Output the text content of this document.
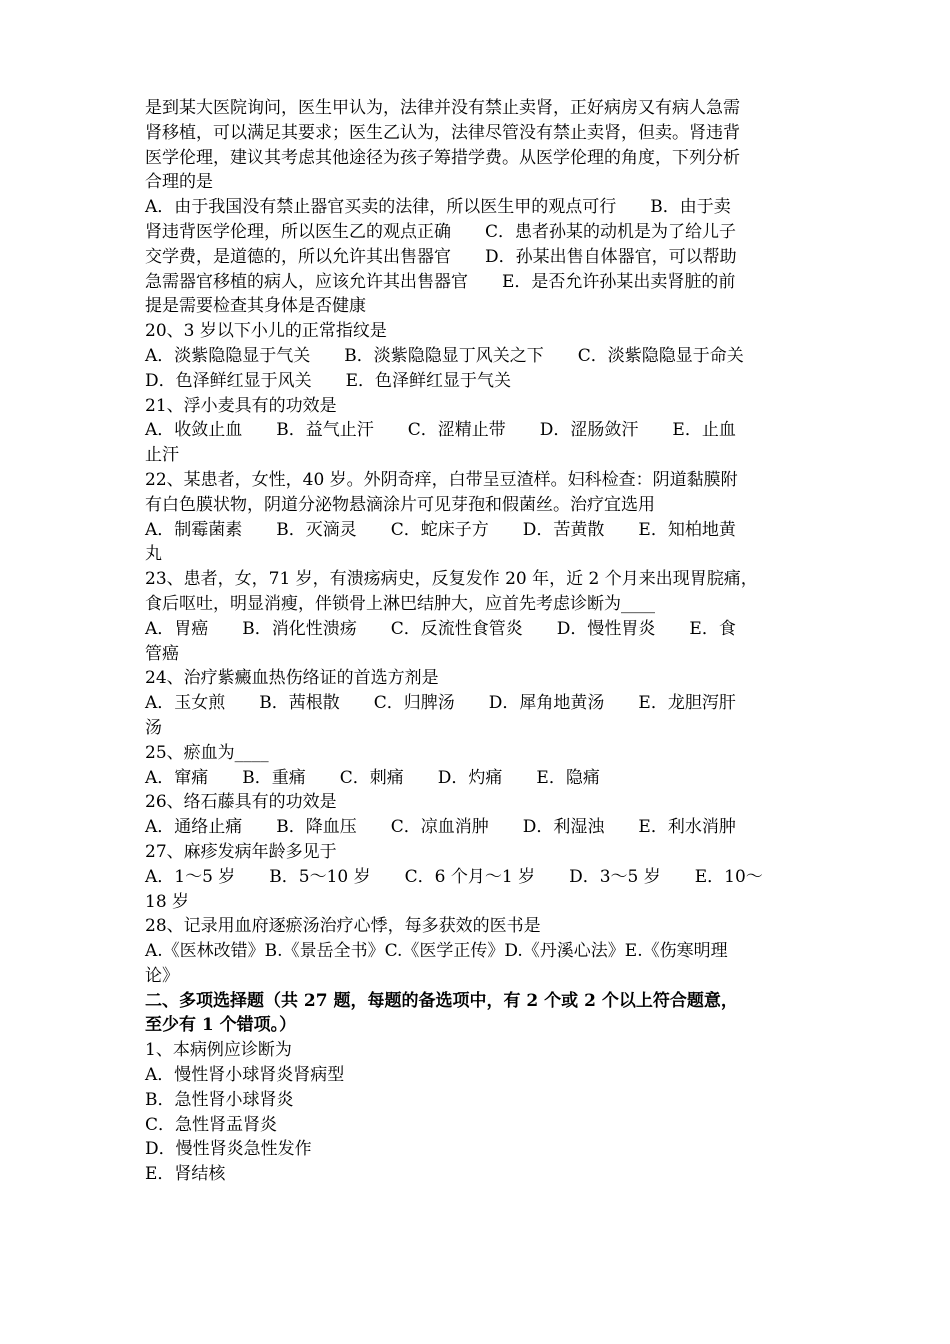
是到某大医院询问，医生甲认为，法律并没有禁止卖肾，正好病房又有病人急需

肾移植，可以满足其要求；医生乙认为，法律尽管没有禁止卖肾，但卖。肾违背

医学伦理，建议其考虑其他途径为孩子筹措学费。从医学伦理的角度，下列分析

合理的是

A．由于我国没有禁止器官买卖的法律，所以医生甲的观点可行　　B．由于卖

肾违背医学伦理，所以医生乙的观点正确　　C．患者孙某的动机是为了给儿子

交学费，是道德的，所以允许其出售器官　　D．孙某出售自体器官，可以帮助

急需器官移植的病人，应该允许其出售器官　　E．是否允许孙某出卖肾脏的前

提是需要检查其身体是否健康

20、3 岁以下小儿的正常指纹是

A．淡紫隐隐显于气关　　B．淡紫隐隐显丁风关之下　　C．淡紫隐隐显于命关

D．色泽鲜红显于风关　　E．色泽鲜红显于气关

21、浮小麦具有的功效是

A．收敛止血　　B．益气止汗　　C．涩精止带　　D．涩肠敛汗　　E．止血

止汗

22、某患者，女性，40 岁。外阴奇痒，白带呈豆渣样。妇科检查：阴道黏膜附

有白色膜状物，阴道分泌物悬滴涂片可见芽孢和假菌丝。治疗宜选用

A．制霉菌素　　B．灭滴灵　　C．蛇床子方　　D．苦黄散　　E．知柏地黄

丸

23、患者，女，71 岁，有溃疡病史，反复发作 20 年，近 2 个月来出现胃脘痛，

食后呕吐，明显消瘦，伴锁骨上淋巴结肿大，应首先考虑诊断为____

A．胃癌　　B．消化性溃疡　　C．反流性食管炎　　D．慢性胃炎　　E．食

管癌

24、治疗紫癜血热伤络证的首选方剂是

A．玉女煎　　B．茜根散　　C．归脾汤　　D．犀角地黄汤　　E．龙胆泻肝

汤

25、瘀血为____

A．窜痛　　B．重痛　　C．刺痛　　D．灼痛　　E．隐痛

26、络石藤具有的功效是

A．通络止痛　　B．降血压　　C．凉血消肿　　D．利湿浊　　E．利水消肿

27、麻疹发病年龄多见于

A．1～5 岁　　B．5～10 岁　　C．6 个月～1 岁　　D．3～5 岁　　E．10～

18 岁

28、记录用血府逐瘀汤治疗心悸，每多获效的医书是

A.《医林改错》B.《景岳全书》C.《医学正传》D.《丹溪心法》E.《伤寒明理

论》

二、多项选择题（共 27 题，每题的备选项中，有 2 个或 2 个以上符合题意，

至少有 1 个错项。）

1、本病例应诊断为

A．慢性肾小球肾炎肾病型

B．急性肾小球肾炎

C．急性肾盂肾炎

D．慢性肾炎急性发作

E．肾结核
